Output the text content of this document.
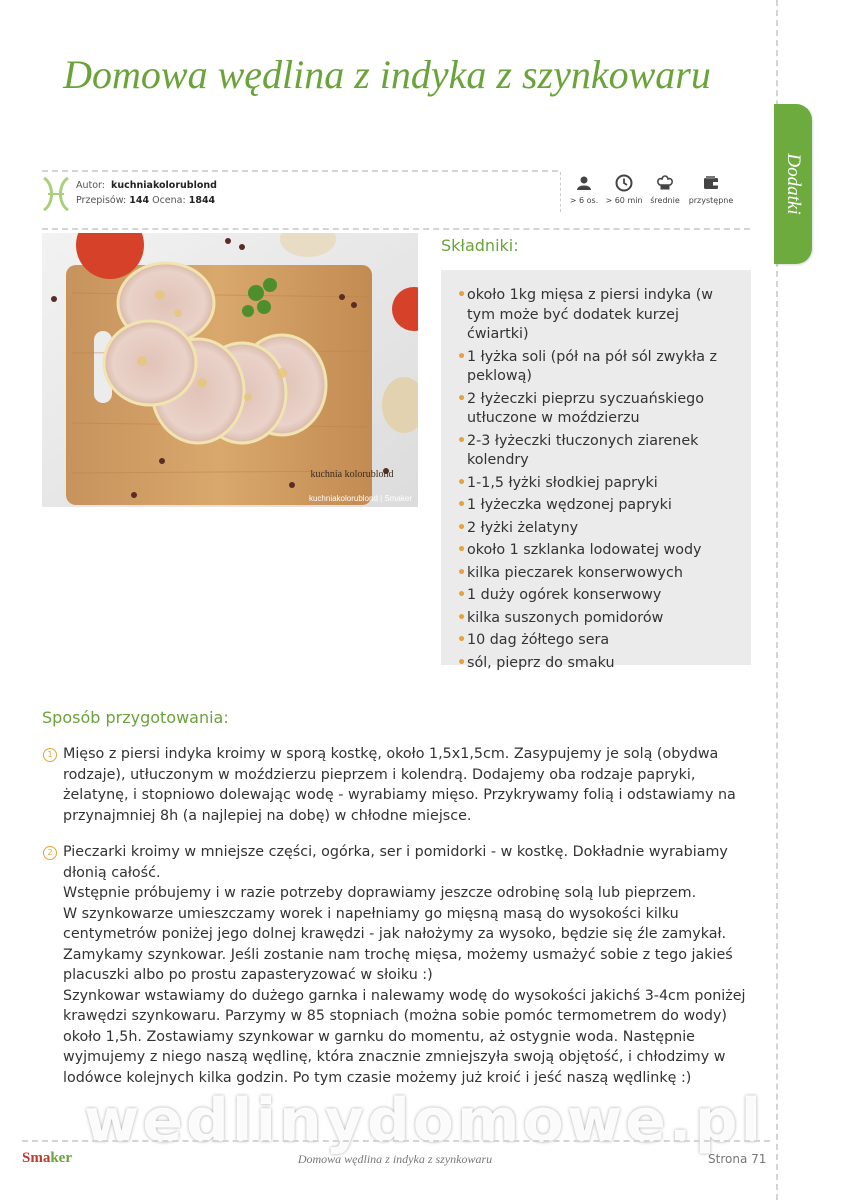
Dodatki
Domowa wędlina z indyka z szynkowaru
Autor: kuchniakolorublond
Przepisów: 144 Ocena: 1844	> 6 os. > 60 min średnie	przystępne
kuchnia kolorublond
kuchniakolorublond | Smaker
Składniki:
• około 1kg mięsa z piersi indyka (w tym może być dodatek kurzej ćwiartki)
• 1 łyżka soli (pół na pół sól zwykła z peklową)
• 2 łyżeczki pieprzu syczuańskiego utłuczone w moździerzu
• 2-3 łyżeczki tłuczonych ziarenek kolendry
• 1-1,5 łyżki słodkiej papryki
• 1 łyżeczka wędzonej papryki
• 2 łyżki żelatyny
• około 1 szklanka lodowatej wody
• kilka pieczarek konserwowych
• 1 duży ogórek konserwowy
• kilka suszonych pomidorów
• 10 dag żółtego sera
• sól, pieprz do smaku
Sposób przygotowania:
1 Mięso z piersi indyka kroimy w sporą kostkę, około 1,5x1,5cm. Zasypujemy je solą (obydwa rodzaje), utłuczonym w moździerzu pieprzem i kolendrą. Dodajemy oba rodzaje papryki, żelatynę, i stopniowo dolewając wodę - wyrabiamy mięso. Przykrywamy folią i odstawiamy na przynajmniej 8h (a najlepiej na dobę) w chłodne miejsce.
2 Pieczarki kroimy w mniejsze części, ogórka, ser i pomidorki - w kostkę. Dokładnie wyrabiamy dłonią całość.
Wstępnie próbujemy i w razie potrzeby doprawiamy jeszcze odrobinę solą lub pieprzem.
W szynkowarze umieszczamy worek i napełniamy go mięsną masą do wysokości kilku centymetrów poniżej jego dolnej krawędzi - jak nałożymy za wysoko, będzie się źle zamykał.
Zamykamy szynkowar. Jeśli zostanie nam trochę mięsa, możemy usmażyć sobie z tego jakieś placuszki albo po prostu zapasteryzować w słoiku :)
Szynkowar wstawiamy do dużego garnka i nalewamy wodę do wysokości jakichś 3-4cm poniżej krawędzi szynkowaru. Parzymy w 85 stopniach (można sobie pomóc termometrem do wody) około 1,5h. Zostawiamy szynkowar w garnku do momentu, aż ostygnie woda. Następnie wyjmujemy z niego naszą wędlinę, która znacznie zmniejszyła swoją objętość, i chłodzimy w lodówce kolejnych kilka godzin. Po tym czasie możemy już kroić i jeść naszą wędlinkę :)
wedlinydomowe.pl
Smaker	Domowa wędlina z indyka z szynkowaru	Strona 71
